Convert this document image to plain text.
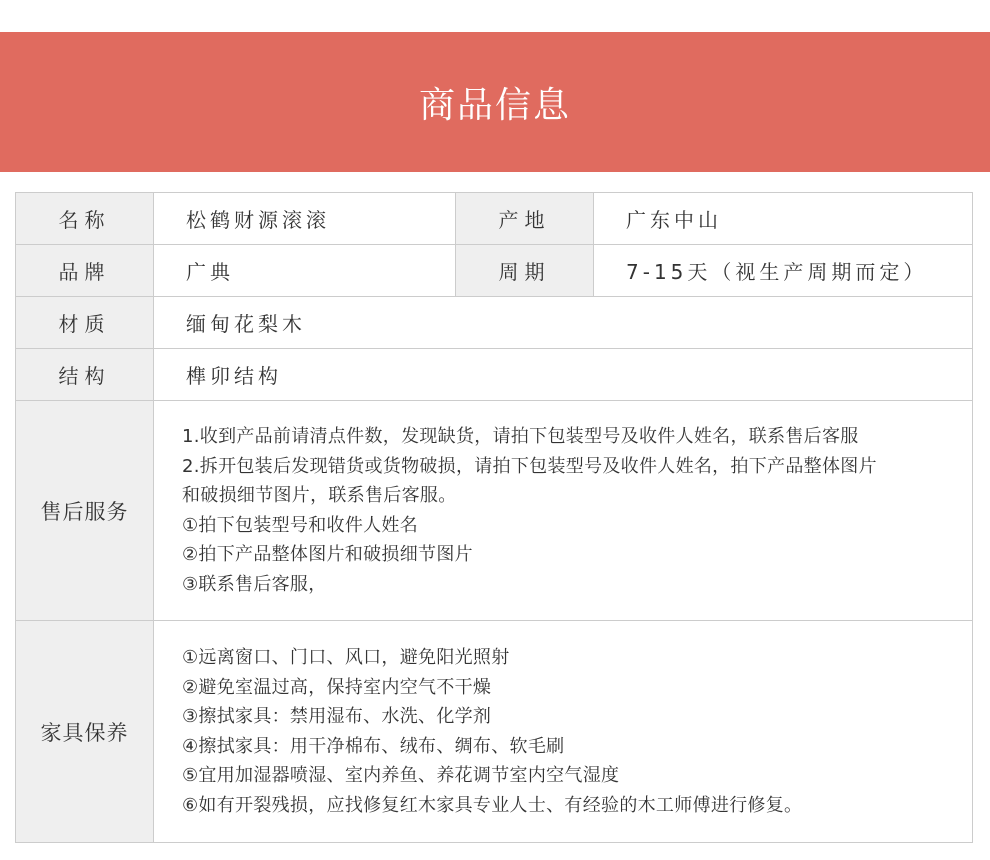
商品信息
名称	松鹤财源滚滚	产地	广东中山
品牌	广典	周期	7-15天（视生产周期而定）
材质	缅甸花梨木
结构	榫卯结构
售后服务
1.收到产品前请清点件数，发现缺货，请拍下包装型号及收件人姓名，联系售后客服
2.拆开包装后发现错货或货物破损，请拍下包装型号及收件人姓名，拍下产品整体图片
和破损细节图片，联系售后客服。
①拍下包装型号和收件人姓名
②拍下产品整体图片和破损细节图片
③联系售后客服，
家具保养
①远离窗口、门口、风口，避免阳光照射
②避免室温过高，保持室内空气不干燥
③擦拭家具：禁用湿布、水洗、化学剂
④擦拭家具：用干净棉布、绒布、绸布、软毛刷
⑤宜用加湿器喷湿、室内养鱼、养花调节室内空气湿度
⑥如有开裂残损，应找修复红木家具专业人士、有经验的木工师傅进行修复。
